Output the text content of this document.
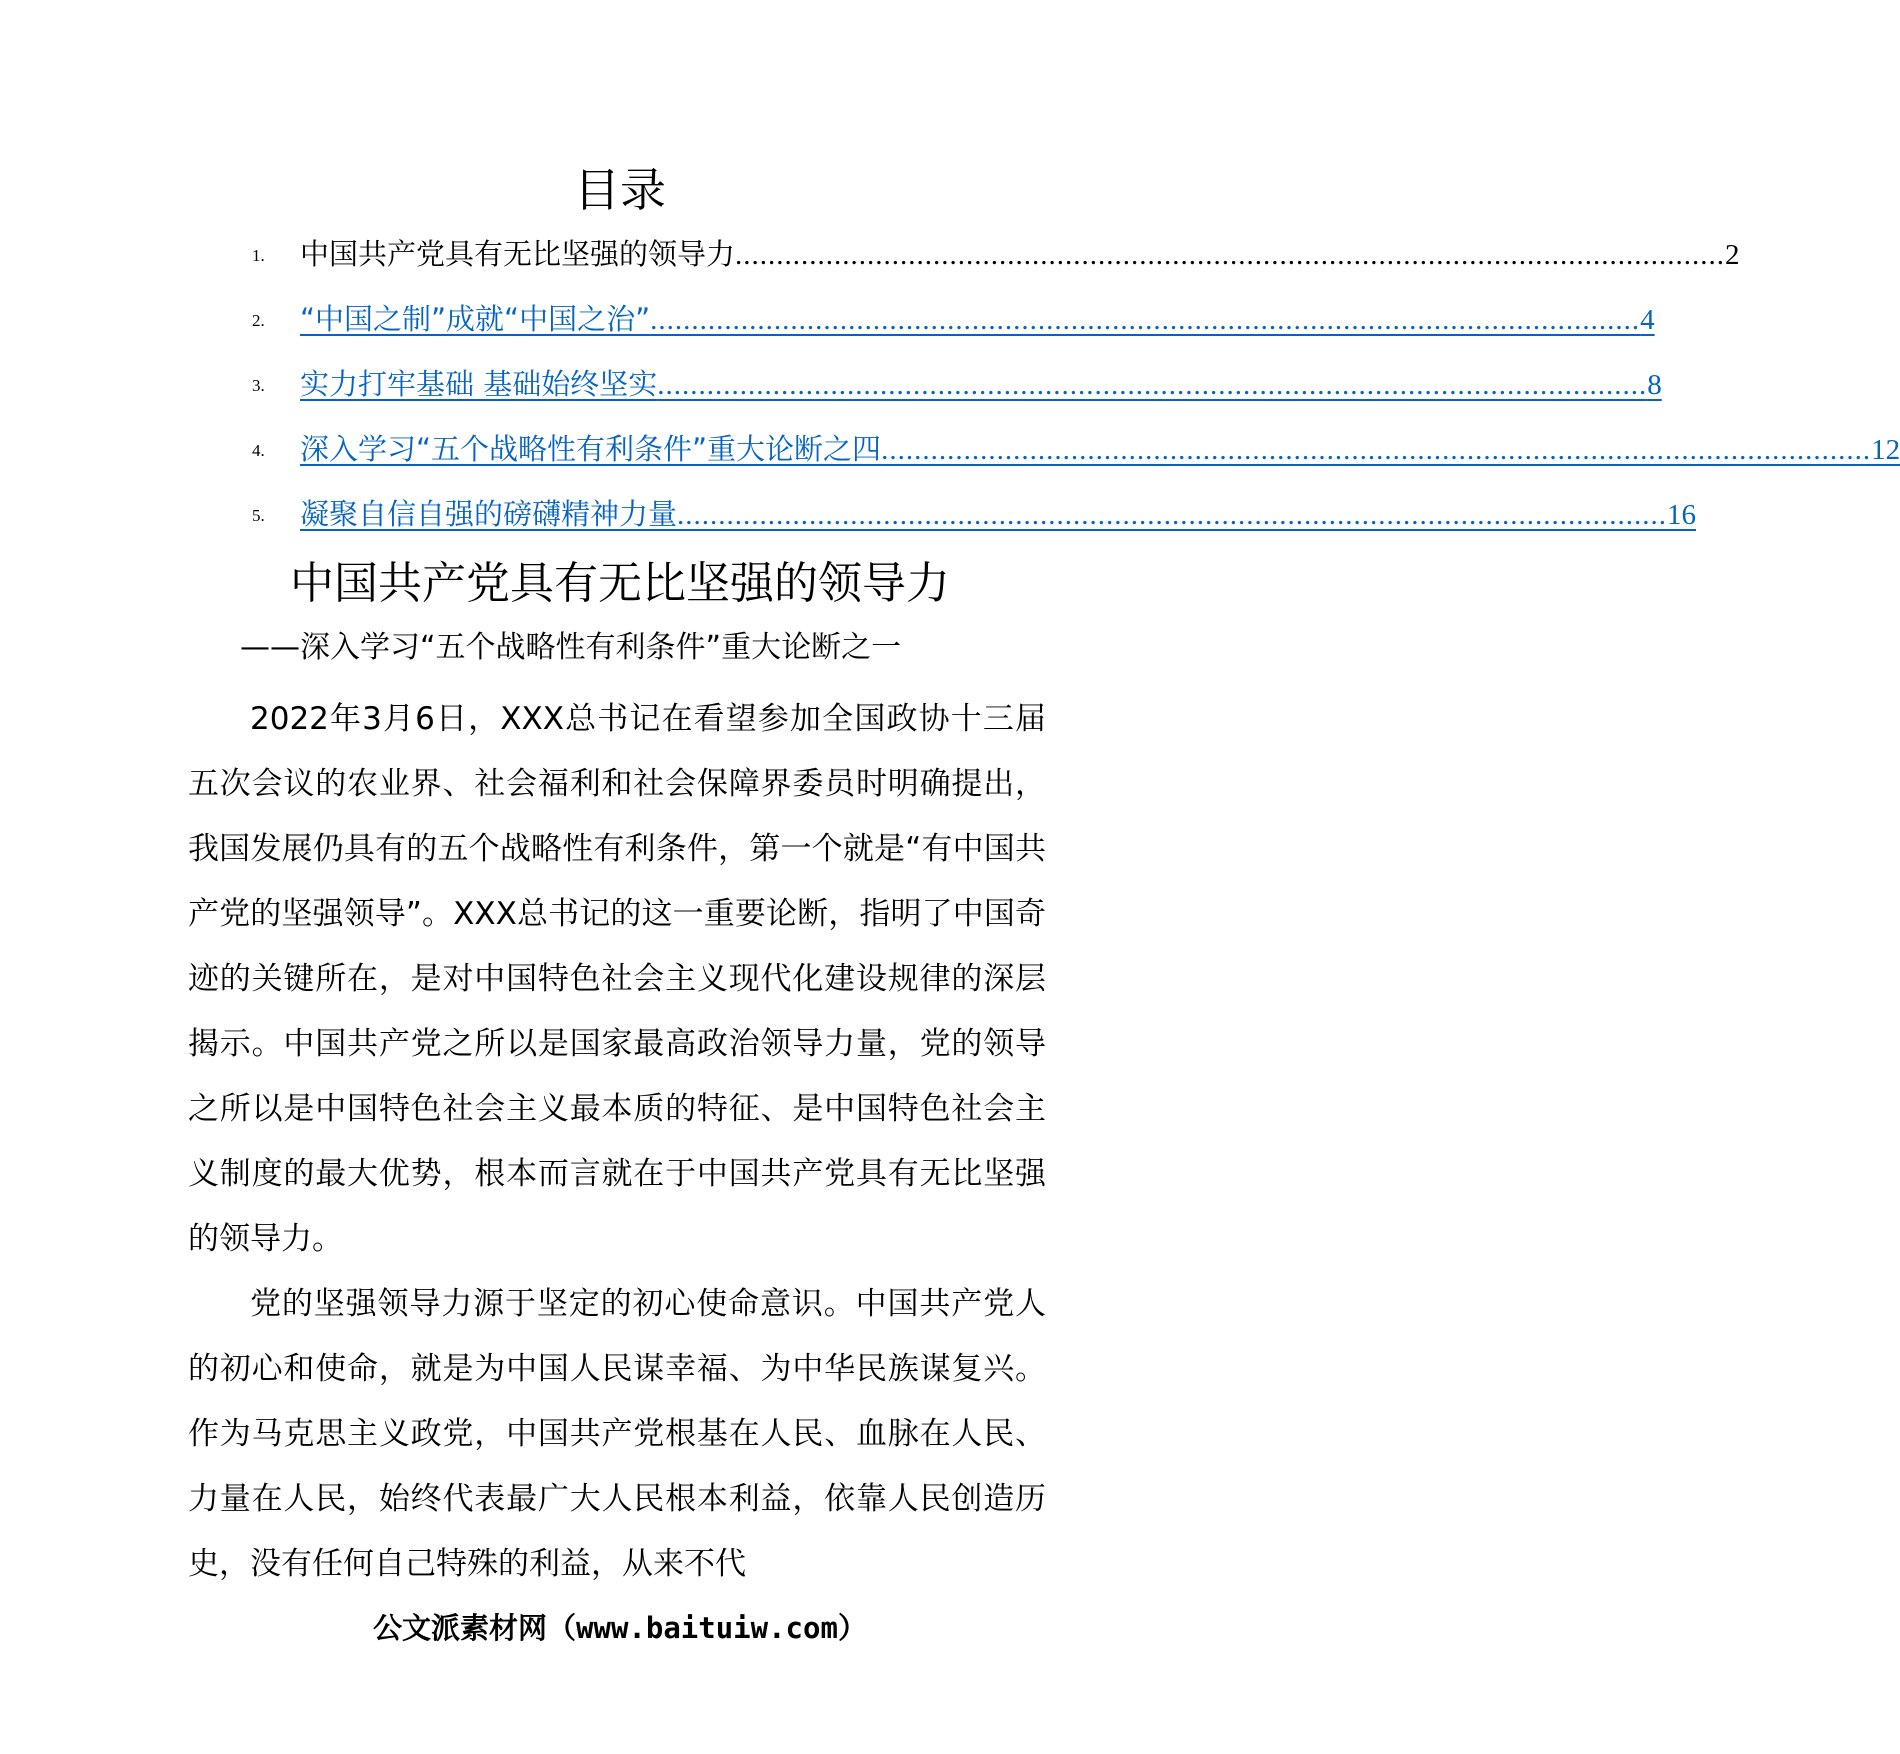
目录
1.	中国共产党具有无比坚强的领导力 ........................................................................................................................ 2
2.	“中国之制”成就“中国之治” ........................................................................................................................ 4
3.	实力打牢基础 基础始终坚实 ........................................................................................................................ 8
4.	深入学习“五个战略性有利条件”重大论断之四 ........................................................................................................................ 12
5.	凝聚自信自强的磅礴精神力量 ........................................................................................................................ 16
中国共产党具有无比坚强的领导力
——深入学习“五个战略性有利条件”重大论断之一

2022年3月6日，XXX总书记在看望参加全国政协十三届五次会议的农业界、社会福利和社会保障界委员时明确提出，我国发展仍具有的五个战略性有利条件，第一个就是“有中国共产党的坚强领导”。XXX总书记的这一重要论断，指明了中国奇迹的关键所在，是对中国特色社会主义现代化建设规律的深层揭示。中国共产党之所以是国家最高政治领导力量，党的领导之所以是中国特色社会主义最本质的特征、是中国特色社会主义制度的最大优势，根本而言就在于中国共产党具有无比坚强的领导力。

党的坚强领导力源于坚定的初心使命意识。中国共产党人的初心和使命，就是为中国人民谋幸福、为中华民族谋复兴。作为马克思主义政党，中国共产党根基在人民、血脉在人民、力量在人民，始终代表最广大人民根本利益，依靠人民创造历史，没有任何自己特殊的利益，从来不代

公文派素材网（www.baituiw.com）
